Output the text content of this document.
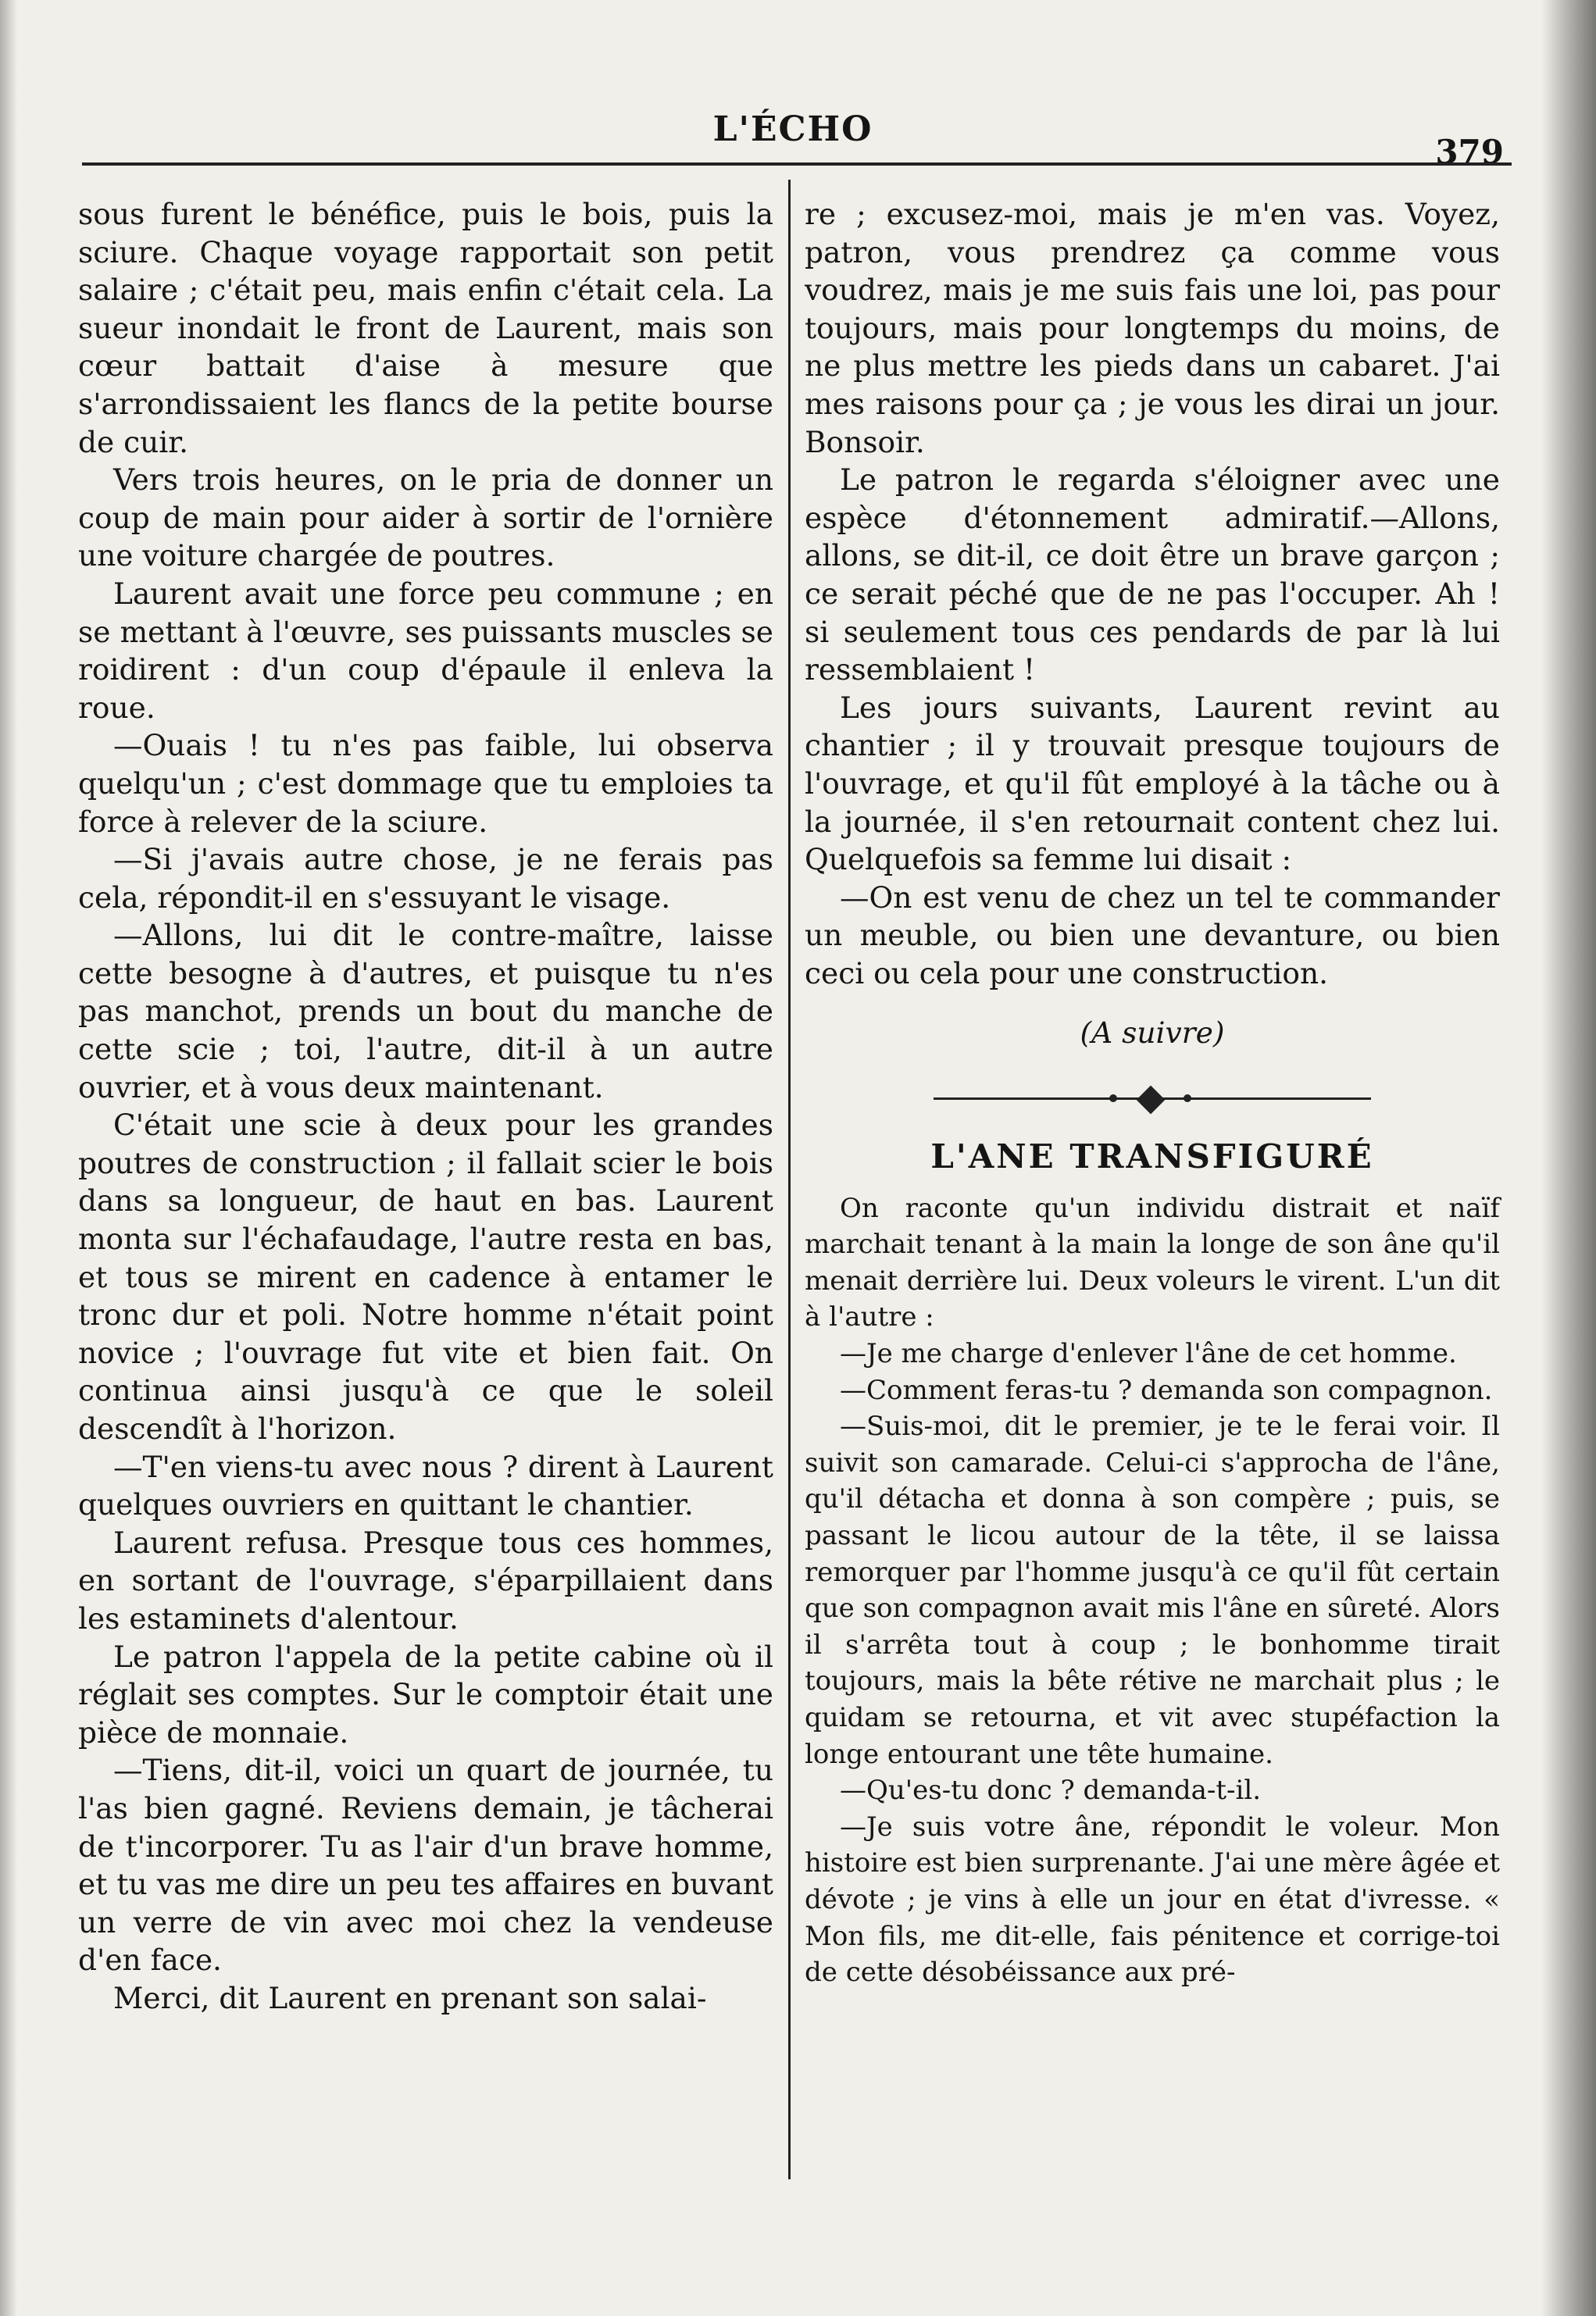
L'ÉCHO
379

sous furent le bénéfice, puis le bois, puis la sciure. Chaque voyage rapportait son petit salaire ; c'était peu, mais enfin c'était cela. La sueur inondait le front de Laurent, mais son cœur battait d'aise à mesure que s'arrondissaient les flancs de la petite bourse de cuir.

Vers trois heures, on le pria de donner un coup de main pour aider à sortir de l'ornière une voiture chargée de poutres.

Laurent avait une force peu commune ; en se mettant à l'œuvre, ses puissants muscles se roidirent : d'un coup d'épaule il enleva la roue.

—Ouais ! tu n'es pas faible, lui observa quelqu'un ; c'est dommage que tu emploies ta force à relever de la sciure.

—Si j'avais autre chose, je ne ferais pas cela, répondit-il en s'essuyant le visage.

—Allons, lui dit le contre-maître, laisse cette besogne à d'autres, et puisque tu n'es pas manchot, prends un bout du manche de cette scie ; toi, l'autre, dit-il à un autre ouvrier, et à vous deux maintenant.

C'était une scie à deux pour les grandes poutres de construction ; il fallait scier le bois dans sa longueur, de haut en bas. Laurent monta sur l'échafaudage, l'autre resta en bas, et tous se mirent en cadence à entamer le tronc dur et poli. Notre homme n'était point novice ; l'ouvrage fut vite et bien fait. On continua ainsi jusqu'à ce que le soleil descendît à l'horizon.

—T'en viens-tu avec nous ? dirent à Laurent quelques ouvriers en quittant le chantier.

Laurent refusa. Presque tous ces hommes, en sortant de l'ouvrage, s'éparpillaient dans les estaminets d'alentour.

Le patron l'appela de la petite cabine où il réglait ses comptes. Sur le comptoir était une pièce de monnaie.

—Tiens, dit-il, voici un quart de journée, tu l'as bien gagné. Reviens demain, je tâcherai de t'incorporer. Tu as l'air d'un brave homme, et tu vas me dire un peu tes affaires en buvant un verre de vin avec moi chez la vendeuse d'en face.

Merci, dit Laurent en prenant son salai-

re ; excusez-moi, mais je m'en vas. Voyez, patron, vous prendrez ça comme vous voudrez, mais je me suis fais une loi, pas pour toujours, mais pour longtemps du moins, de ne plus mettre les pieds dans un cabaret. J'ai mes raisons pour ça ; je vous les dirai un jour. Bonsoir.

Le patron le regarda s'éloigner avec une espèce d'étonnement admiratif.—Allons, allons, se dit-il, ce doit être un brave garçon ; ce serait péché que de ne pas l'occuper. Ah ! si seulement tous ces pendards de par là lui ressemblaient !

Les jours suivants, Laurent revint au chantier ; il y trouvait presque toujours de l'ouvrage, et qu'il fût employé à la tâche ou à la journée, il s'en retournait content chez lui. Quelquefois sa femme lui disait :

—On est venu de chez un tel te commander un meuble, ou bien une devanture, ou bien ceci ou cela pour une construction.

(A suivre)

L'ANE TRANSFIGURÉ

On raconte qu'un individu distrait et naïf marchait tenant à la main la longe de son âne qu'il menait derrière lui. Deux voleurs le virent. L'un dit à l'autre :

—Je me charge d'enlever l'âne de cet homme.

—Comment feras-tu ? demanda son compagnon.

—Suis-moi, dit le premier, je te le ferai voir. Il suivit son camarade. Celui-ci s'approcha de l'âne, qu'il détacha et donna à son compère ; puis, se passant le licou autour de la tête, il se laissa remorquer par l'homme jusqu'à ce qu'il fût certain que son compagnon avait mis l'âne en sûreté. Alors il s'arrêta tout à coup ; le bonhomme tirait toujours, mais la bête rétive ne marchait plus ; le quidam se retourna, et vit avec stupéfaction la longe entourant une tête humaine.

—Qu'es-tu donc ? demanda-t-il.

—Je suis votre âne, répondit le voleur. Mon histoire est bien surprenante. J'ai une mère âgée et dévote ; je vins à elle un jour en état d'ivresse. « Mon fils, me dit-elle, fais pénitence et corrige-toi de cette désobéissance aux pré-
